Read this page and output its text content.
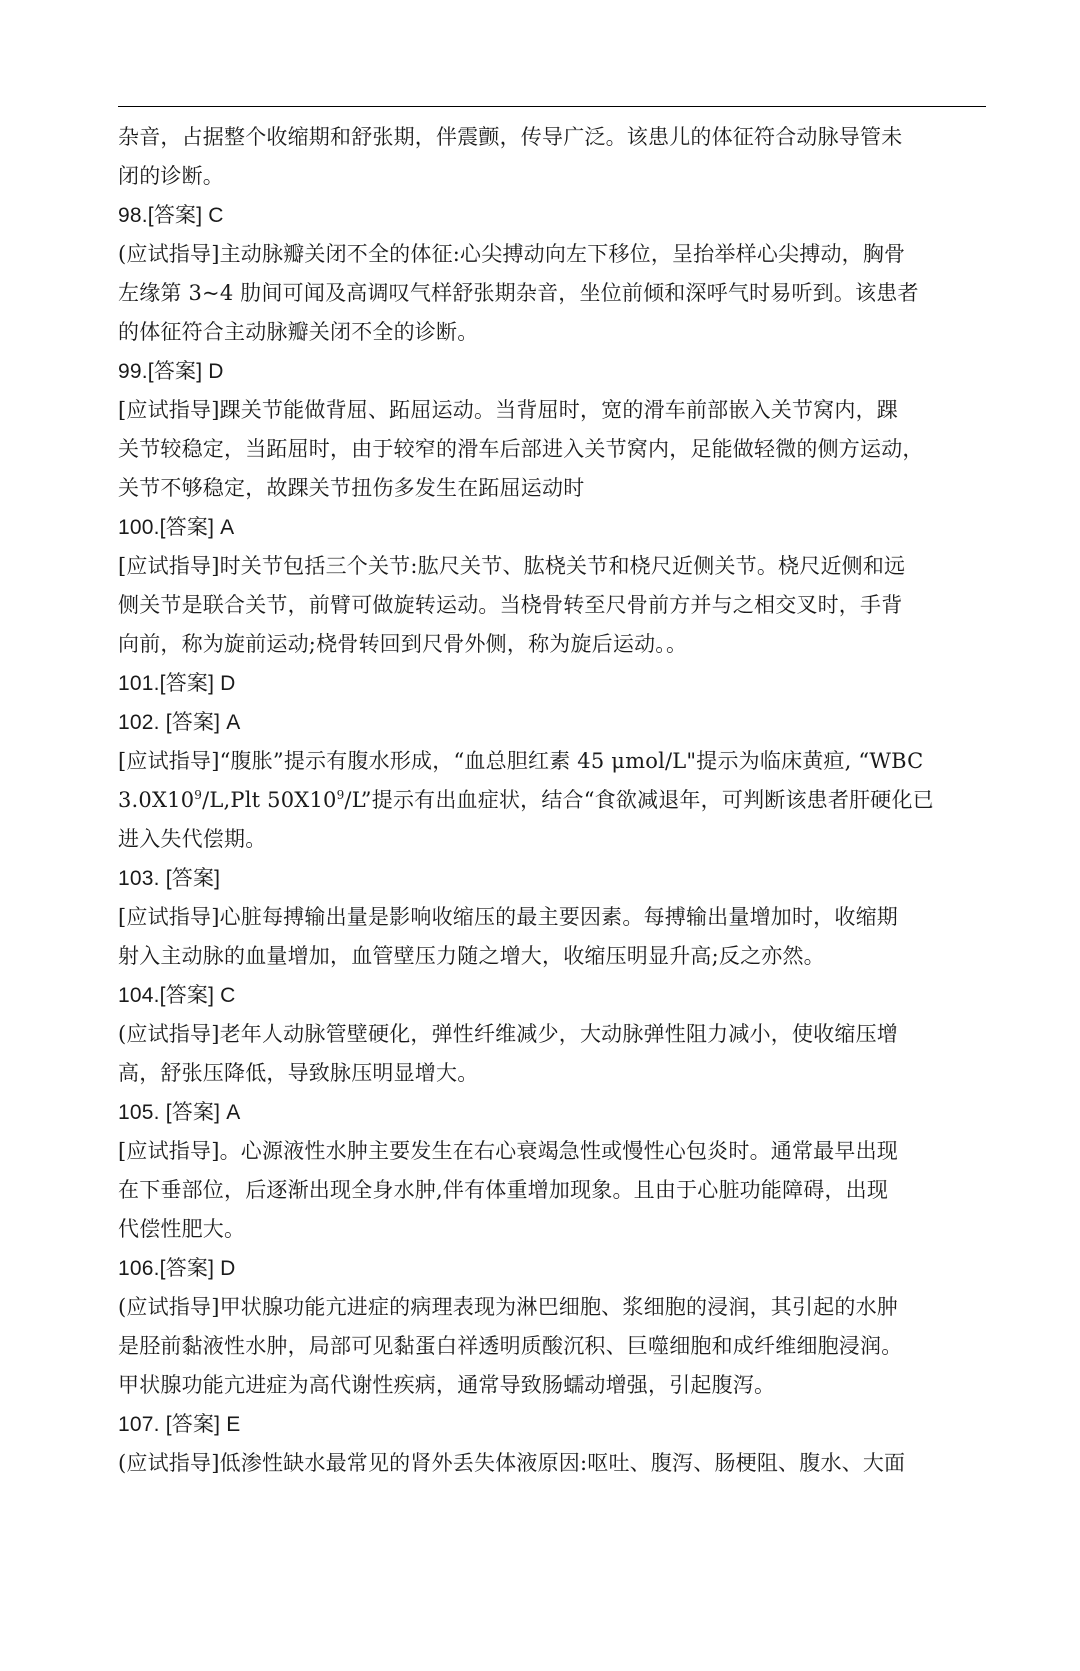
杂音，占据整个收缩期和舒张期，伴震颤，传导广泛。该患儿的体征符合动脉导管未
闭的诊断。
98.[答案] C
(应试指导]主动脉瓣关闭不全的体征:心尖搏动向左下移位，呈抬举样心尖搏动，胸骨
左缘第 3~4 肋间可闻及高调叹气样舒张期杂音，坐位前倾和深呼气时易听到。该患者
的体征符合主动脉瓣关闭不全的诊断。
99.[答案] D
[应试指导]踝关节能做背屈、跖屈运动。当背屈时，宽的滑车前部嵌入关节窝内，踝
关节较稳定，当跖屈时，由于较窄的滑车后部进入关节窝内，足能做轻微的侧方运动，
关节不够稳定，故踝关节扭伤多发生在跖屈运动时
100.[答案] A
[应试指导]时关节包括三个关节:肱尺关节、肱桡关节和桡尺近侧关节。桡尺近侧和远
侧关节是联合关节，前臂可做旋转运动。当桡骨转至尺骨前方并与之相交叉时，手背
向前，称为旋前运动;桡骨转回到尺骨外侧，称为旋后运动。。
101.[答案] D
102. [答案] A
[应试指导]“腹胀”提示有腹水形成，“血总胆红素 45 μmol/L"提示为临床黄疸, “WBC
$3.0X10^9/L,Plt$ $50X10^9/L$”提示有出血症状，结合“食欲减退年，可判断该患者肝硬化已
进入失代偿期。
103. [答案]
[应试指导]心脏每搏输出量是影响收缩压的最主要因素。每搏输出量增加时，收缩期
射入主动脉的血量增加，血管壁压力随之增大，收缩压明显升高;反之亦然。
104.[答案] C
(应试指导]老年人动脉管壁硬化，弹性纤维减少，大动脉弹性阻力减小，使收缩压增
高，舒张压降低，导致脉压明显增大。
105. [答案] A
[应试指导]。心源液性水肿主要发生在右心衰竭急性或慢性心包炎时。通常最早出现
在下垂部位，后逐渐出现全身水肿,伴有体重增加现象。且由于心脏功能障碍，出现
代偿性肥大。
106.[答案] D
(应试指导]甲状腺功能亢进症的病理表现为淋巴细胞、浆细胞的浸润，其引起的水肿
是胫前黏液性水肿，局部可见黏蛋白祥透明质酸沉积、巨噬细胞和成纤维细胞浸润。
甲状腺功能亢进症为高代谢性疾病，通常导致肠蠕动增强，引起腹泻。
107. [答案] E
(应试指导]低渗性缺水最常见的肾外丢失体液原因:呕吐、腹泻、肠梗阻、腹水、大面
